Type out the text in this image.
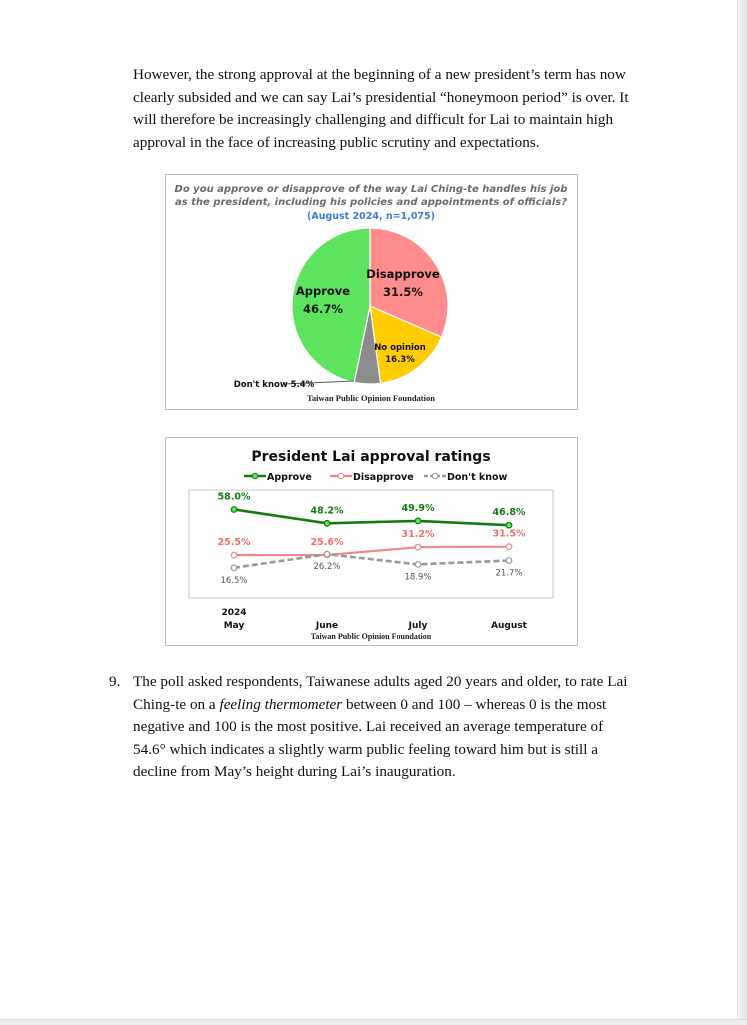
However, the strong approval at the beginning of a new president’s term has now
clearly subsided and we can say Lai’s presidential “honeymoon period” is over. It
will therefore be increasingly challenging and difficult for Lai to maintain high
approval in the face of increasing public scrutiny and expectations.
Do you approve or disapprove of the way Lai Ching-te handles his job
as the president, including his policies and appointments of officials?
(August 2024, n=1,075)
Approve
46.7%
Disapprove
31.5%
No opinion
16.3%
Don't know 5.4%
Taiwan Public Opinion Foundation
President Lai approval ratings
Approve	Disapprove	Don't know
58.0%
48.2%	49.9%	46.8%
25.5%	25.6%
31.2%	31.5%
16.5%
26.2%
18.9%	21.7%
2024
May	June	July	August
Taiwan Public Opinion Foundation
9. The poll asked respondents, Taiwanese adults aged 20 years and older, to rate Lai
Ching-te on a feeling thermometer between 0 and 100 – whereas 0 is the most
negative and 100 is the most positive. Lai received an average temperature of
54.6° which indicates a slightly warm public feeling toward him but is still a
decline from May’s height during Lai’s inauguration.
